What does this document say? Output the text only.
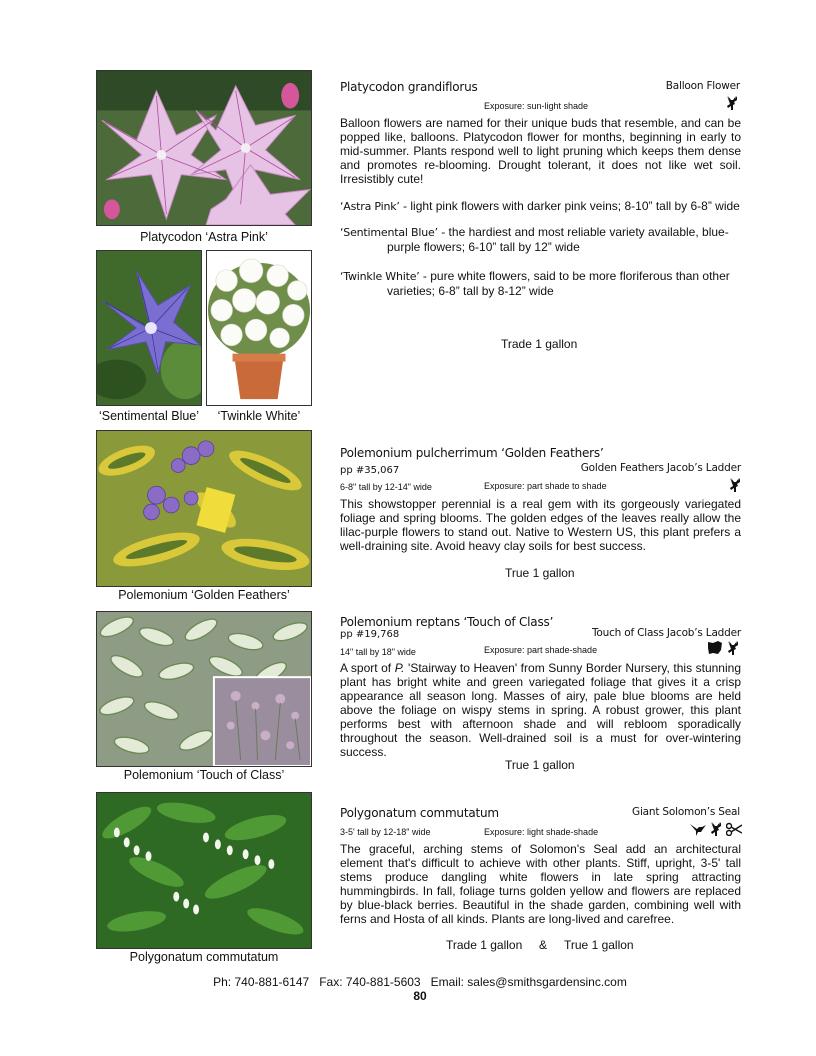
Platycodon ‘Astra Pink’
‘Sentimental Blue’	‘Twinkle White’
Platycodon grandiflorus	Balloon Flower
Exposure: sun-light shade
Balloon flowers are named for their unique buds that resemble, and can be popped like, balloons. Platycodon flower for months, beginning in early to mid-summer. Plants respond well to light pruning which keeps them dense and promotes re-blooming. Drought tolerant, it does not like wet soil. Irresistibly cute!
‘Astra Pink’ - light pink flowers with darker pink veins; 8-10” tall by 6-8” wide
‘Sentimental Blue’ - the hardiest and most reliable variety available, blue-
purple flowers; 6-10” tall by 12” wide
‘Twinkle White’ - pure white flowers, said to be more floriferous than other
varieties; 6-8” tall by 8-12” wide
Trade 1 gallon
Polemonium ‘Golden Feathers’
Polemonium pulcherrimum ‘Golden Feathers’
pp #35,067	Golden Feathers Jacob’s Ladder
6-8" tall by 12-14" wide	Exposure: part shade to shade
This showstopper perennial is a real gem with its gorgeously variegated foliage and spring blooms. The golden edges of the leaves really allow the lilac-purple flowers to stand out. Native to Western US, this plant prefers a well-draining site. Avoid heavy clay soils for best success.
True 1 gallon
Polemonium ‘Touch of Class’
Polemonium reptans ‘Touch of Class’
pp #19,768	Touch of Class Jacob’s Ladder
14" tall by 18" wide	Exposure: part shade-shade
A sport of P. 'Stairway to Heaven' from Sunny Border Nursery, this stunning plant has bright white and green variegated foliage that gives it a crisp appearance all season long. Masses of airy, pale blue blooms are held above the foliage on wispy stems in spring. A robust grower, this plant performs best with afternoon shade and will rebloom sporadically throughout the season. Well-drained soil is a must for over-wintering success.
True 1 gallon
Polygonatum commutatum
Polygonatum commutatum	Giant Solomon’s Seal
3-5' tall by 12-18" wide	Exposure: light shade-shade
The graceful, arching stems of Solomon's Seal add an architectural element that's difficult to achieve with other plants. Stiff, upright, 3-5' tall stems produce dangling white flowers in late spring attracting hummingbirds. In fall, foliage turns golden yellow and flowers are replaced by blue-black berries. Beautiful in the shade garden, combining well with ferns and Hosta of all kinds. Plants are long-lived and carefree.
Trade 1 gallon & True 1 gallon
Ph: 740-881-6147   Fax: 740-881-5603   Email: sales@smithsgardensinc.com
80
